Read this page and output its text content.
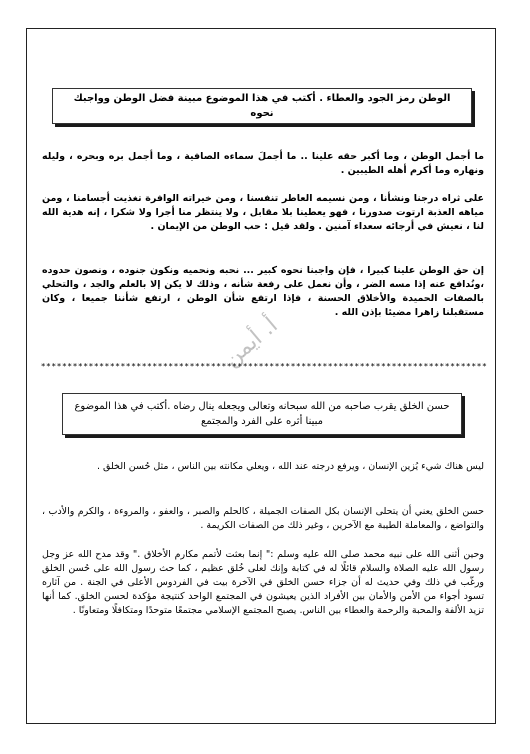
الوطن رمز الجود والعطاء . أكتب في هذا الموضوع مبينة فضل الوطن وواجبك نحوه

ما أجمل الوطن ، وما أكبر حقه علينا .. ما أجملَ سماءه الصافية ، وما أجمل بره وبحره ، وليله ونهاره وما أكرم أهله الطيبين .

على ثراه درجنا ونشأنا ، ومن نسيمه العاطر تنفسنا ، ومن خيراته الوافرة تغذيت أجسامنا ، ومن مياهه العذبة ارتوت صدورنا ، فهو يعطينا بلا مقابل ، ولا ينتظر منا أجرا ولا شكرا ، إنه هدية الله لنا ، نعيش في أرجائه سعداء آمنين . ولقد قيل : حب الوطن من الإيمان .

إن حق الوطن علينا كبيرا ، فإن واجبنا نحوه كبير ... نحبه ونحميه ونكون جنوده ، ونصون حدوده ،ونُدافع عنه إذا مسه الضر ، وأن نعمل على رفعة شأنه ، وذلك لا يكن إلا بالعلم والجد ، والتحلي بالصفات الحميدة والأخلاق الحسنة ، فإذا ارتفع شأن الوطن ، ارتفع شأننا جميعا ، وكان مستقبلنا زاهرا مضيئا بإذن الله .

أ. أيمن
************************************************************************************
حسن الخلق يقرب صاحبه من الله سبحانه وتعالى ويجعله ينال رضاه .أكتب في هذا الموضوع مبينا أثره على الفرد والمجتمع

ليس هناك شيء يُزين الإنسان ، ويرفع درجته عند الله ، ويعلي مكانته بين الناس ، مثل حُسن الخلق .

حسن الخلق يعني أن يتحلى الإنسان بكل الصفات الجميلة ، كالحلم والصبر ، والعفو ، والمروءة ، والكرم والأدب ، والتواضع ، والمعاملة الطيبة مع الآخرين ، وغير ذلك من الصفات الكريمة .

وحين أثنى الله على نبيه محمد صلى الله عليه وسلم :" إنما بعثت لأتمم مكارم الأخلاق ." وقد مدح الله عز وجل رسول الله عليه الصلاة والسلام قائلًا له في كتابة وإنك لعلى خُلق عظيم ، كما حث رسول الله على حُسن الخلق ورغّب في ذلك وفي حديث له أن جزاء حسن الخلق في الآخرة بيت في الفردوس الأعلى في الجنة . من آثاره تسود أجواء من الأمن والأمان بين الأفراد الذين يعيشون في المجتمع الواحد كنتيجة مؤكدة لحسن الخلق. كما أنها تزيد الألفة والمحبة والرحمة والعطاء بين الناس. يصبح المجتمع الإسلامي مجتمعًا متوحدًا ومتكافلًا ومتعاونًا .
